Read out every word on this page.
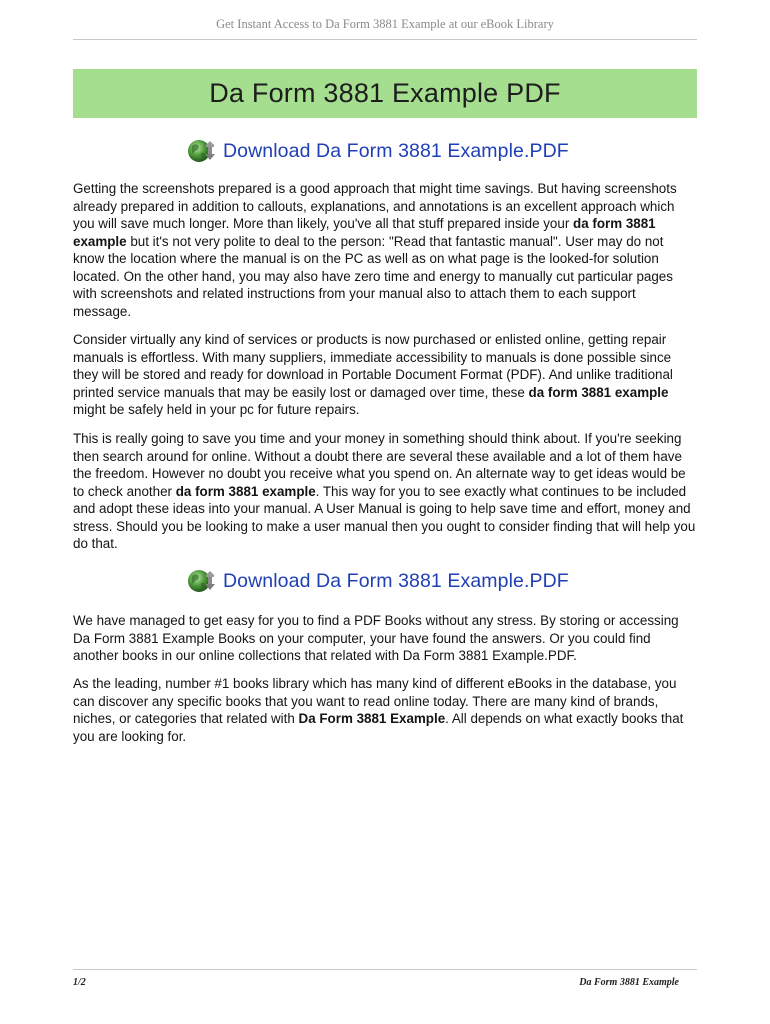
Get Instant Access to Da Form 3881 Example at our eBook Library
Da Form 3881 Example PDF
Download Da Form 3881 Example.PDF

Getting the screenshots prepared is a good approach that might time savings. But having screenshots already prepared in addition to callouts, explanations, and annotations is an excellent approach which you will save much longer. More than likely, you've all that stuff prepared inside your da form 3881 example but it's not very polite to deal to the person: "Read that fantastic manual". User may do not know the location where the manual is on the PC as well as on what page is the looked-for solution located. On the other hand, you may also have zero time and energy to manually cut particular pages with screenshots and related instructions from your manual also to attach them to each support message.

Consider virtually any kind of services or products is now purchased or enlisted online, getting repair manuals is effortless. With many suppliers, immediate accessibility to manuals is done possible since they will be stored and ready for download in Portable Document Format (PDF). And unlike traditional printed service manuals that may be easily lost or damaged over time, these da form 3881 example might be safely held in your pc for future repairs.

This is really going to save you time and your money in something should think about. If you're seeking then search around for online. Without a doubt there are several these available and a lot of them have the freedom. However no doubt you receive what you spend on. An alternate way to get ideas would be to check another da form 3881 example. This way for you to see exactly what continues to be included and adopt these ideas into your manual. A User Manual is going to help save time and effort, money and stress. Should you be looking to make a user manual then you ought to consider finding that will help you do that.

Download Da Form 3881 Example.PDF

We have managed to get easy for you to find a PDF Books without any stress. By storing or accessing Da Form 3881 Example Books on your computer, your have found the answers. Or you could find another books in our online collections that related with Da Form 3881 Example.PDF.

As the leading, number #1 books library which has many kind of different eBooks in the database, you can discover any specific books that you want to read online today. There are many kind of brands, niches, or categories that related with Da Form 3881 Example. All depends on what exactly books that you are looking for.

1/2	Da Form 3881 Example
